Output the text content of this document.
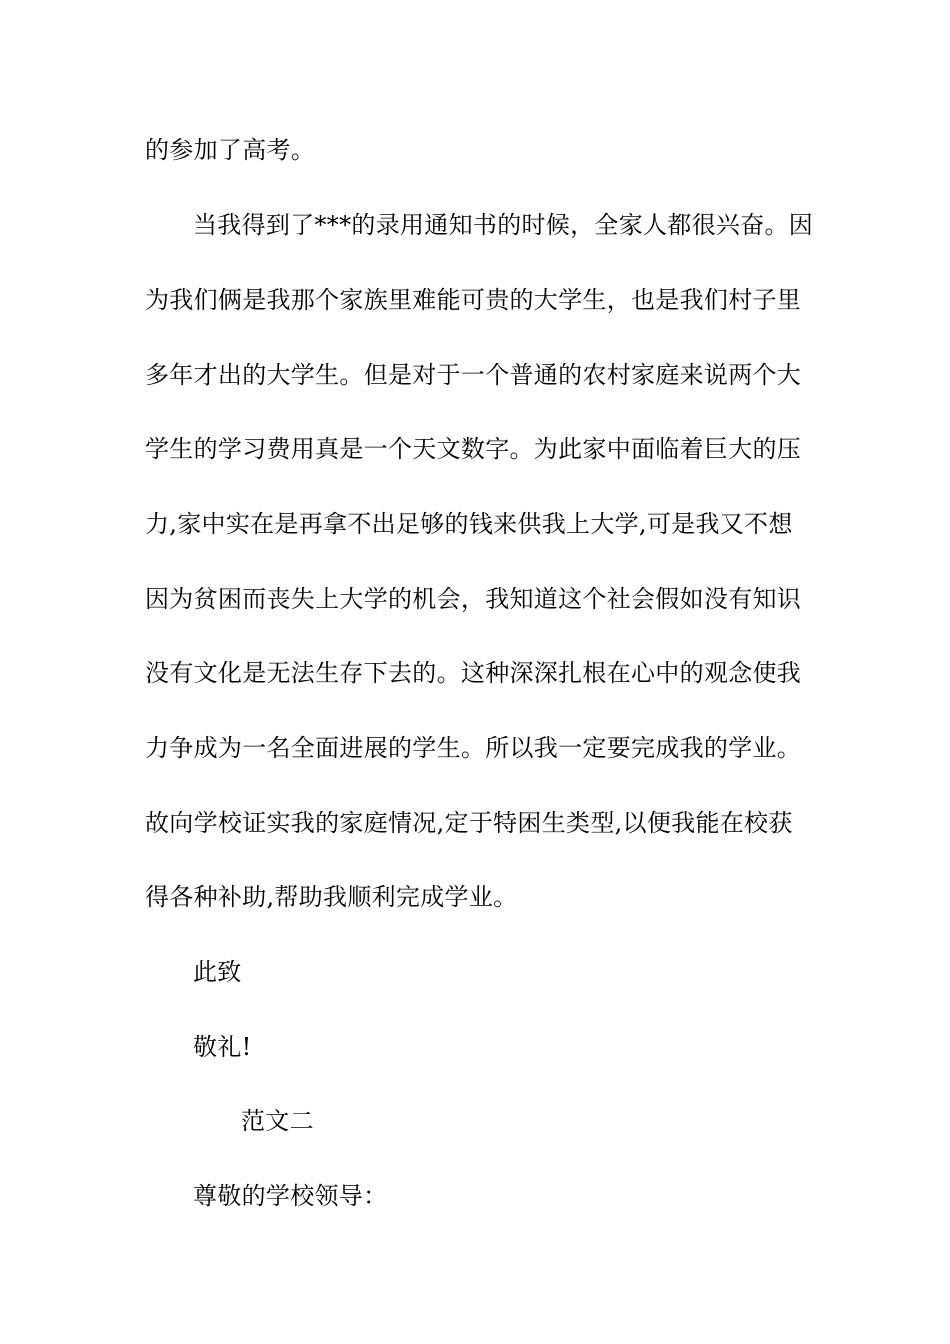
的参加了高考。
当我得到了***的录用通知书的时候，全家人都很兴奋。因
为我们俩是我那个家族里难能可贵的大学生，也是我们村子里
多年才出的大学生。但是对于一个普通的农村家庭来说两个大
学生的学习费用真是一个天文数字。为此家中面临着巨大的压
力,家中实在是再拿不出足够的钱来供我上大学,可是我又不想
因为贫困而丧失上大学的机会，我知道这个社会假如没有知识
没有文化是无法生存下去的。这种深深扎根在心中的观念使我
力争成为一名全面进展的学生。所以我一定要完成我的学业。
故向学校证实我的家庭情况,定于特困生类型,以便我能在校获
得各种补助,帮助我顺利完成学业。
此致
敬礼!
范文二
尊敬的学校领导：
